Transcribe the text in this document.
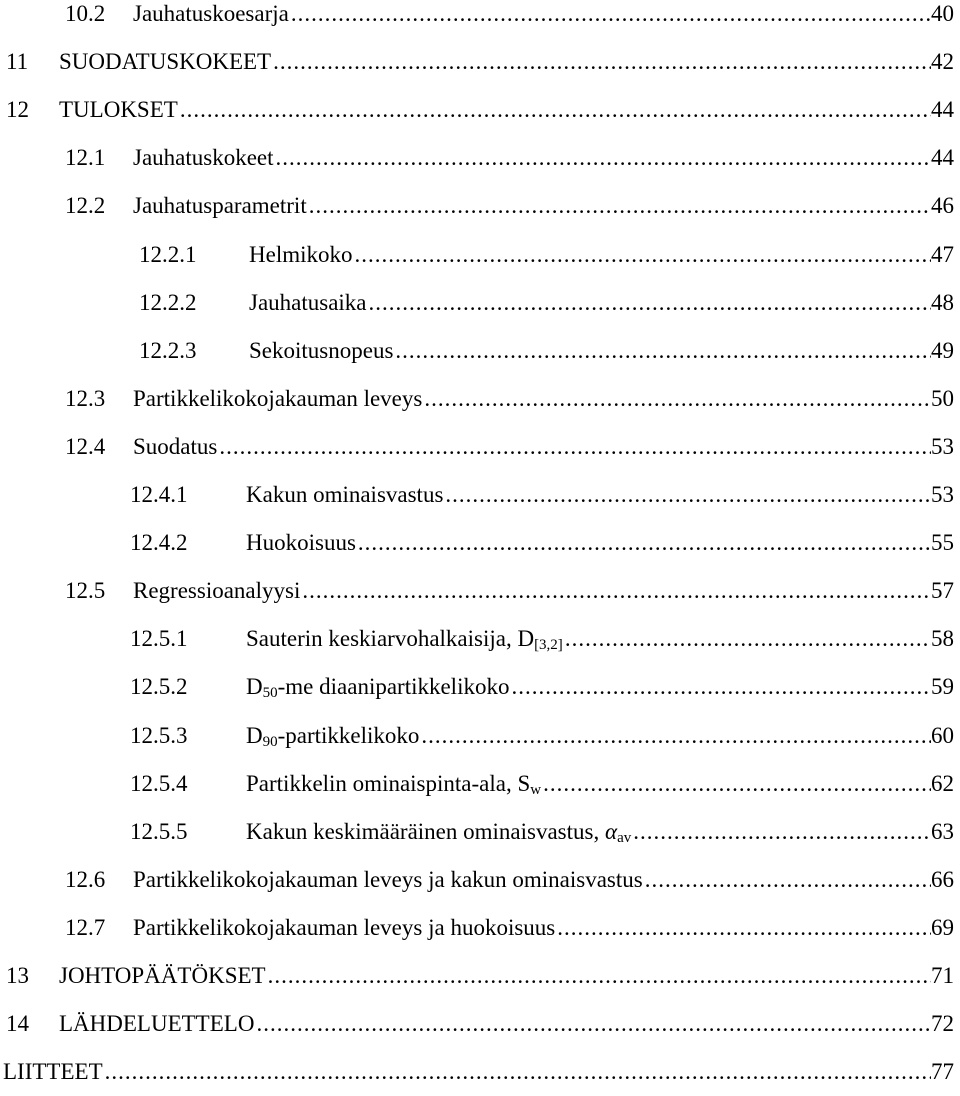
10.2	Jauhatuskoesarja .....	40
11	SUODATUSKOKEET .....	42
12	TULOKSET .....	44
12.1	Jauhatuskokeet .....	44
12.2	Jauhatusparametrit .....	46
12.2.1	Helmikoko .....	47
12.2.2	Jauhatusaika .....	48
12.2.3	Sekoitusnopeus .....	49
12.3	Partikkelikokojakauman leveys .....	50
12.4	Suodatus .....	53
12.4.1	Kakun ominaisvastus .....	53
12.4.2	Huokoisuus .....	55
12.5	Regressioanalyysi .....	57
12.5.1	Sauterin keskiarvohalkaisija, $D_{[3,2]}$ .....	58
12.5.2	$D_{50}-me$ diaanipartikkelikoko .....	59
12.5.3	$D_{90}$-partikkelikoko .....	60
12.5.4	Partikkelin ominaispinta-ala, $S_w$ .....	62
12.5.5	Kakun keskimääräinen ominaisvastus, $\alpha_{av}$ .....	63
12.6	Partikkelikokojakauman leveys ja kakun ominaisvastus .....	66
12.7	Partikkelikokojakauman leveys ja huokoisuus .....	69
13	JOHTOPÄÄTÖKSET .....	71
14	LÄHDELUETTELO .....	72
LIITTEET .....	77
